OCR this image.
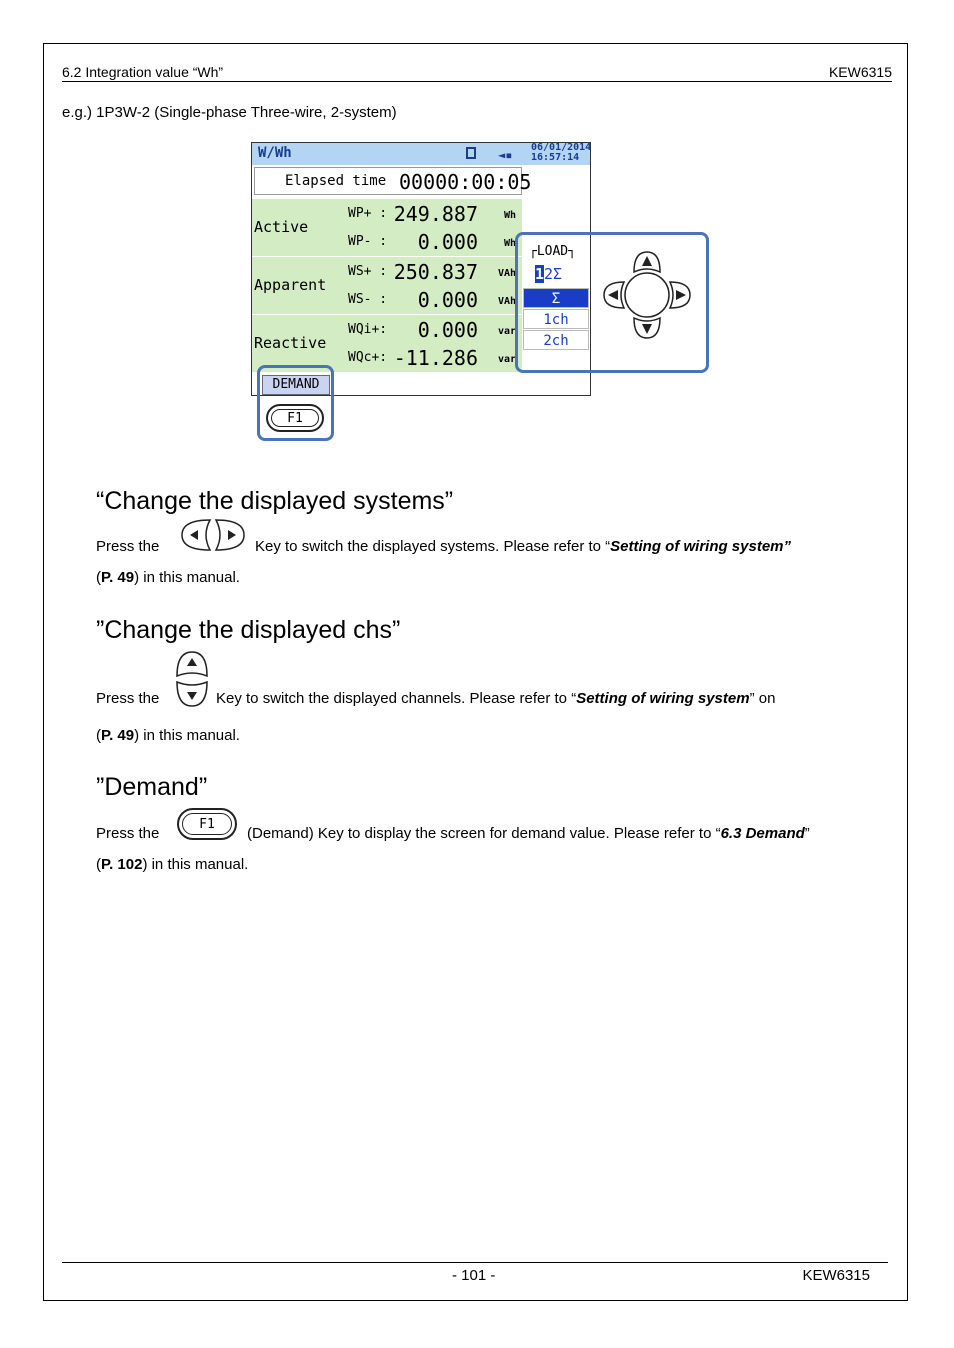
6.2 Integration value “Wh”	KEW6315
e.g.) 1P3W-2 (Single-phase Three-wire, 2-system)
W/Wh	◄▪
06/01/2014
16:57:14
Elapsed time 00000:00:05
Active
WP+ : 249.887	Wh
WP- : 0.000	Wh
Apparent
WS+ : 250.837 VAh
WS- : 0.000 VAh
Reactive
WQi+: 0.000 var
WQc+: -11.286 var
DEMAND
F1
┌LOAD┐
12Σ
Σ
1ch
2ch
“Change the displayed systems”
Press the	Key to switch the displayed systems. Please refer to “Setting of wiring system”
(P. 49) in this manual.
”Change the displayed chs”
Press the	Key to switch the displayed channels. Please refer to “Setting of wiring system” on
(P. 49) in this manual.
”Demand”
Press the
F1
(Demand) Key to display the screen for demand value. Please refer to “6.3 Demand”
(P. 102) in this manual.
- 101 -	KEW6315
